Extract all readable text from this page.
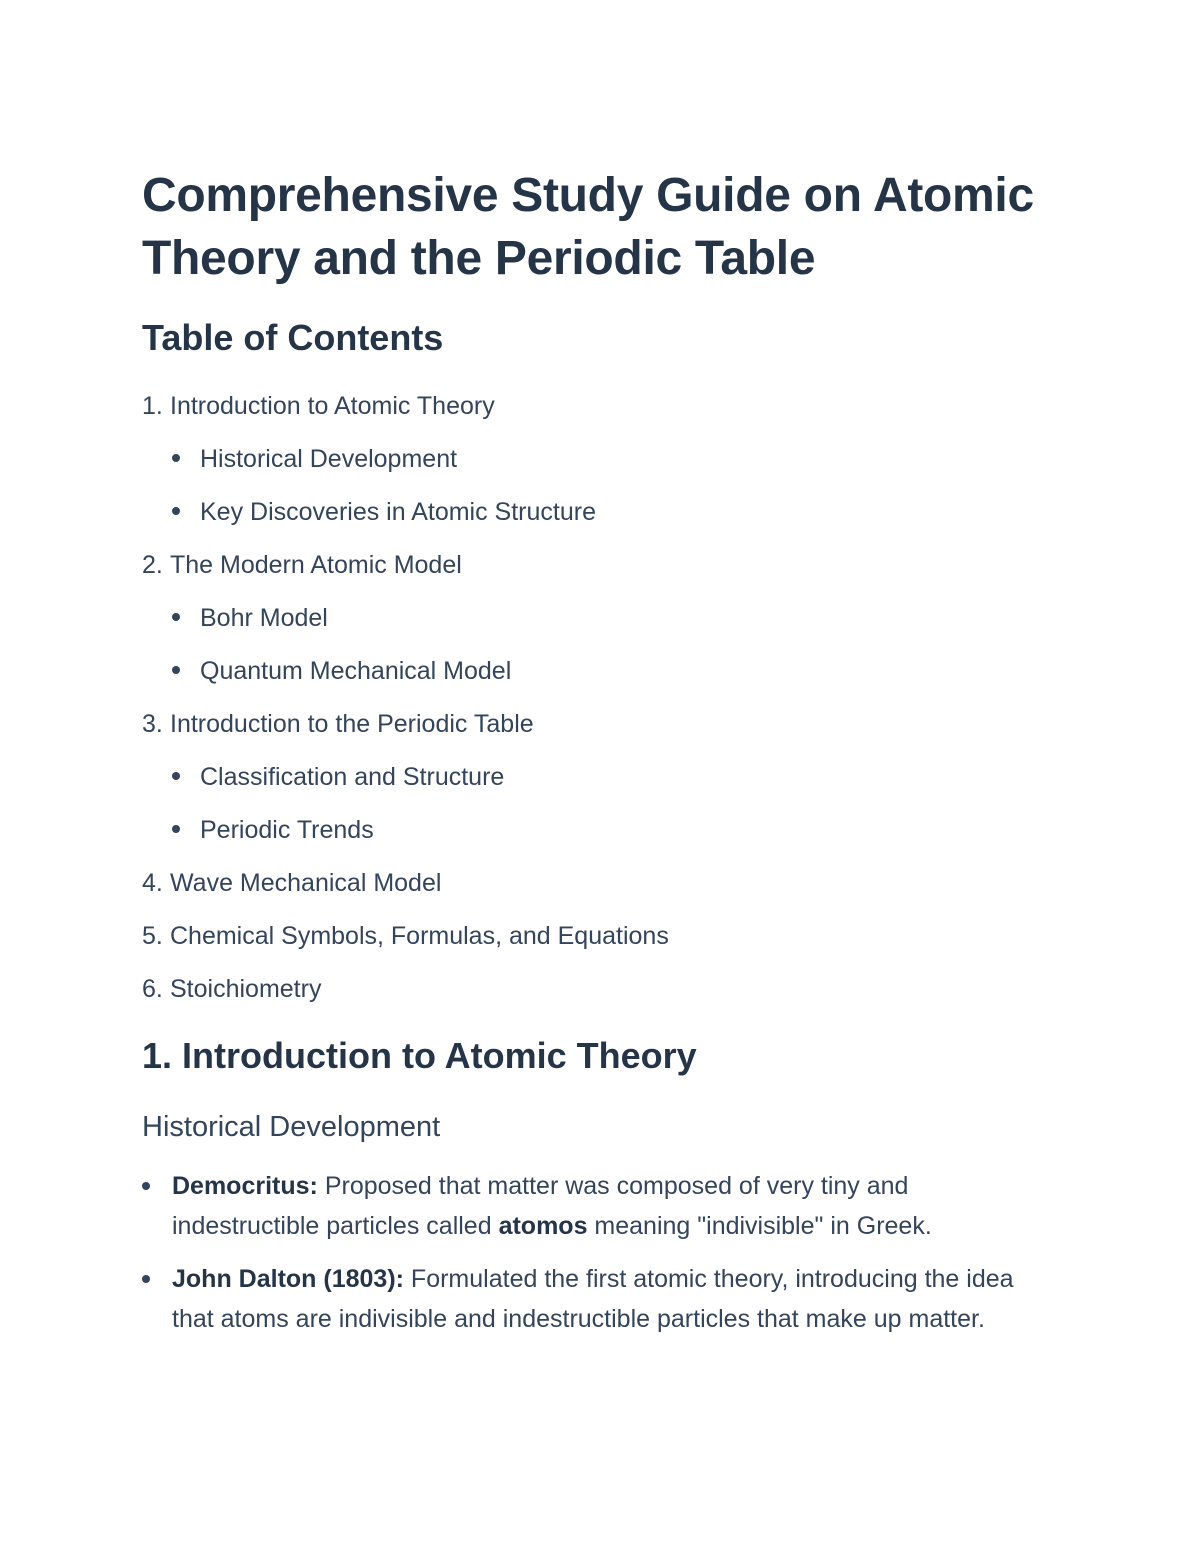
Comprehensive Study Guide on Atomic Theory and the Periodic Table
Table of Contents
1. Introduction to Atomic Theory
Historical Development
Key Discoveries in Atomic Structure
2. The Modern Atomic Model
Bohr Model
Quantum Mechanical Model
3. Introduction to the Periodic Table
Classification and Structure
Periodic Trends
4. Wave Mechanical Model
5. Chemical Symbols, Formulas, and Equations
6. Stoichiometry
1. Introduction to Atomic Theory
Historical Development
Democritus: Proposed that matter was composed of very tiny and indestructible particles called atomos meaning "indivisible" in Greek.
John Dalton (1803): Formulated the first atomic theory, introducing the idea that atoms are indivisible and indestructible particles that make up matter.
